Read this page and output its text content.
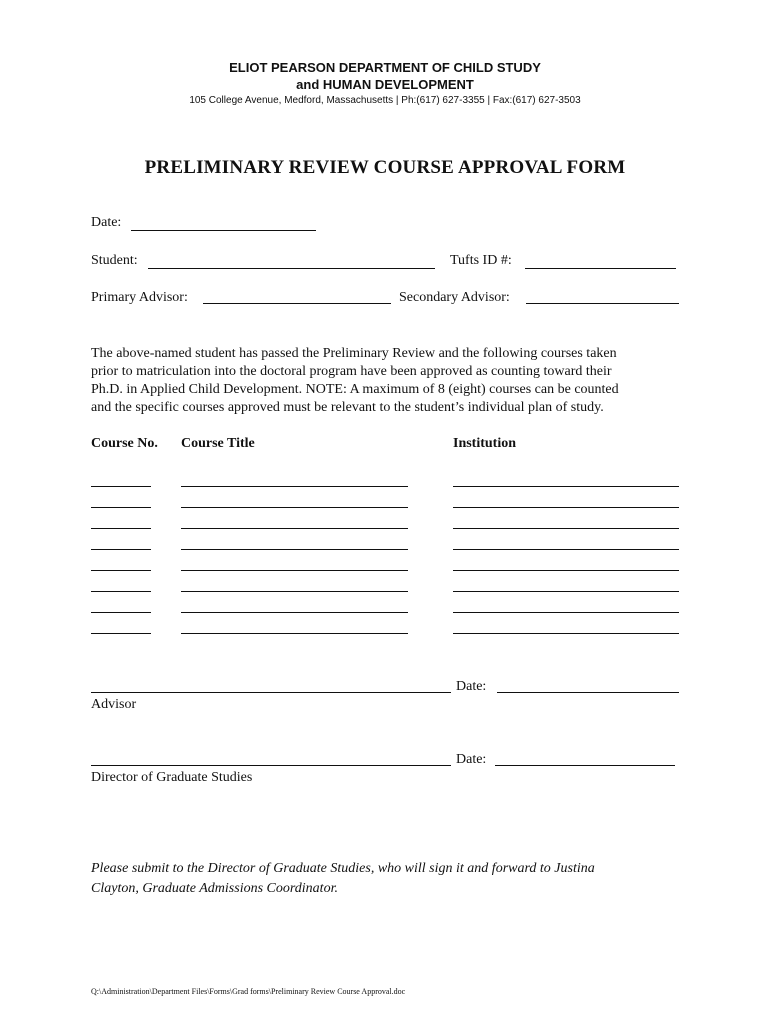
ELIOT PEARSON DEPARTMENT OF CHILD STUDY
and HUMAN DEVELOPMENT
105 College Avenue, Medford, Massachusetts | Ph:(617) 627-3355 | Fax:(617) 627-3503
PRELIMINARY REVIEW COURSE APPROVAL FORM
Date:
Student:	Tufts ID #:
Primary Advisor:	Secondary Advisor:
The above-named student has passed the Preliminary Review and the following courses taken
prior to matriculation into the doctoral program have been approved as counting toward their
Ph.D. in Applied Child Development. NOTE: A maximum of 8 (eight) courses can be counted
and the specific courses approved must be relevant to the student’s individual plan of study.
Course No. Course Title	Institution
Date:
Advisor
Date:
Director of Graduate Studies
Please submit to the Director of Graduate Studies, who will sign it and forward to Justina
Clayton, Graduate Admissions Coordinator.
Q:\Administration\Department Files\Forms\Grad forms\Preliminary Review Course Approval.doc
